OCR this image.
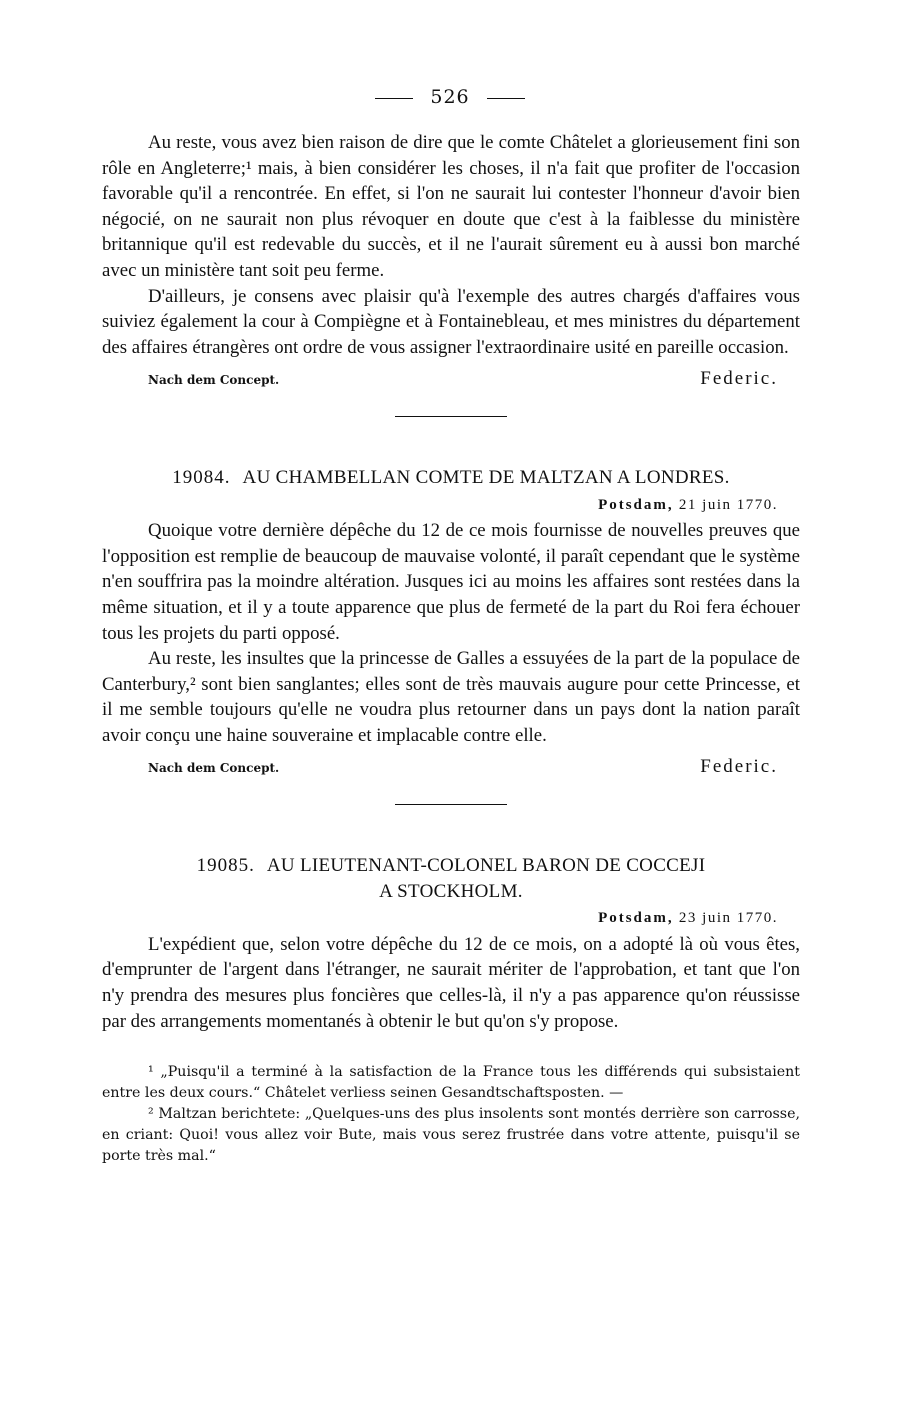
526

Au reste, vous avez bien raison de dire que le comte Châtelet a glorieusement fini son rôle en Angleterre;¹ mais, à bien considérer les choses, il n'a fait que profiter de l'occasion favorable qu'il a rencontrée. En effet, si l'on ne saurait lui contester l'honneur d'avoir bien négocié, on ne saurait non plus révoquer en doute que c'est à la faiblesse du ministère britannique qu'il est redevable du succès, et il ne l'aurait sûrement eu à aussi bon marché avec un ministère tant soit peu ferme.

D'ailleurs, je consens avec plaisir qu'à l'exemple des autres chargés d'affaires vous suiviez également la cour à Compiègne et à Fontainebleau, et mes ministres du département des affaires étrangères ont ordre de vous assigner l'extraordinaire usité en pareille occasion.

Nach dem Concept.	Federic.
19084. AU CHAMBELLAN COMTE DE MALTZAN A LONDRES.
Potsdam, 21 juin 1770.

Quoique votre dernière dépêche du 12 de ce mois fournisse de nouvelles preuves que l'opposition est remplie de beaucoup de mauvaise volonté, il paraît cependant que le système n'en souffrira pas la moindre altération. Jusques ici au moins les affaires sont restées dans la même situation, et il y a toute apparence que plus de fermeté de la part du Roi fera échouer tous les projets du parti opposé.

Au reste, les insultes que la princesse de Galles a essuyées de la part de la populace de Canterbury,² sont bien sanglantes; elles sont de très mauvais augure pour cette Princesse, et il me semble toujours qu'elle ne voudra plus retourner dans un pays dont la nation paraît avoir conçu une haine souveraine et implacable contre elle.

Nach dem Concept.	Federic.
19085. AU LIEUTENANT-COLONEL BARON DE COCCEJI
A STOCKHOLM.
Potsdam, 23 juin 1770.

L'expédient que, selon votre dépêche du 12 de ce mois, on a adopté là où vous êtes, d'emprunter de l'argent dans l'étranger, ne saurait mériter de l'approbation, et tant que l'on n'y prendra des mesures plus foncières que celles-là, il n'y a pas apparence qu'on réussisse par des arrangements momentanés à obtenir le but qu'on s'y propose.

¹ „Puisqu'il a terminé à la satisfaction de la France tous les différends qui subsistaient entre les deux cours.“ Châtelet verliess seinen Gesandtschaftsposten. —

² Maltzan berichtete: „Quelques-uns des plus insolents sont montés derrière son carrosse, en criant: Quoi! vous allez voir Bute, mais vous serez frustrée dans votre attente, puisqu'il se porte très mal.“
